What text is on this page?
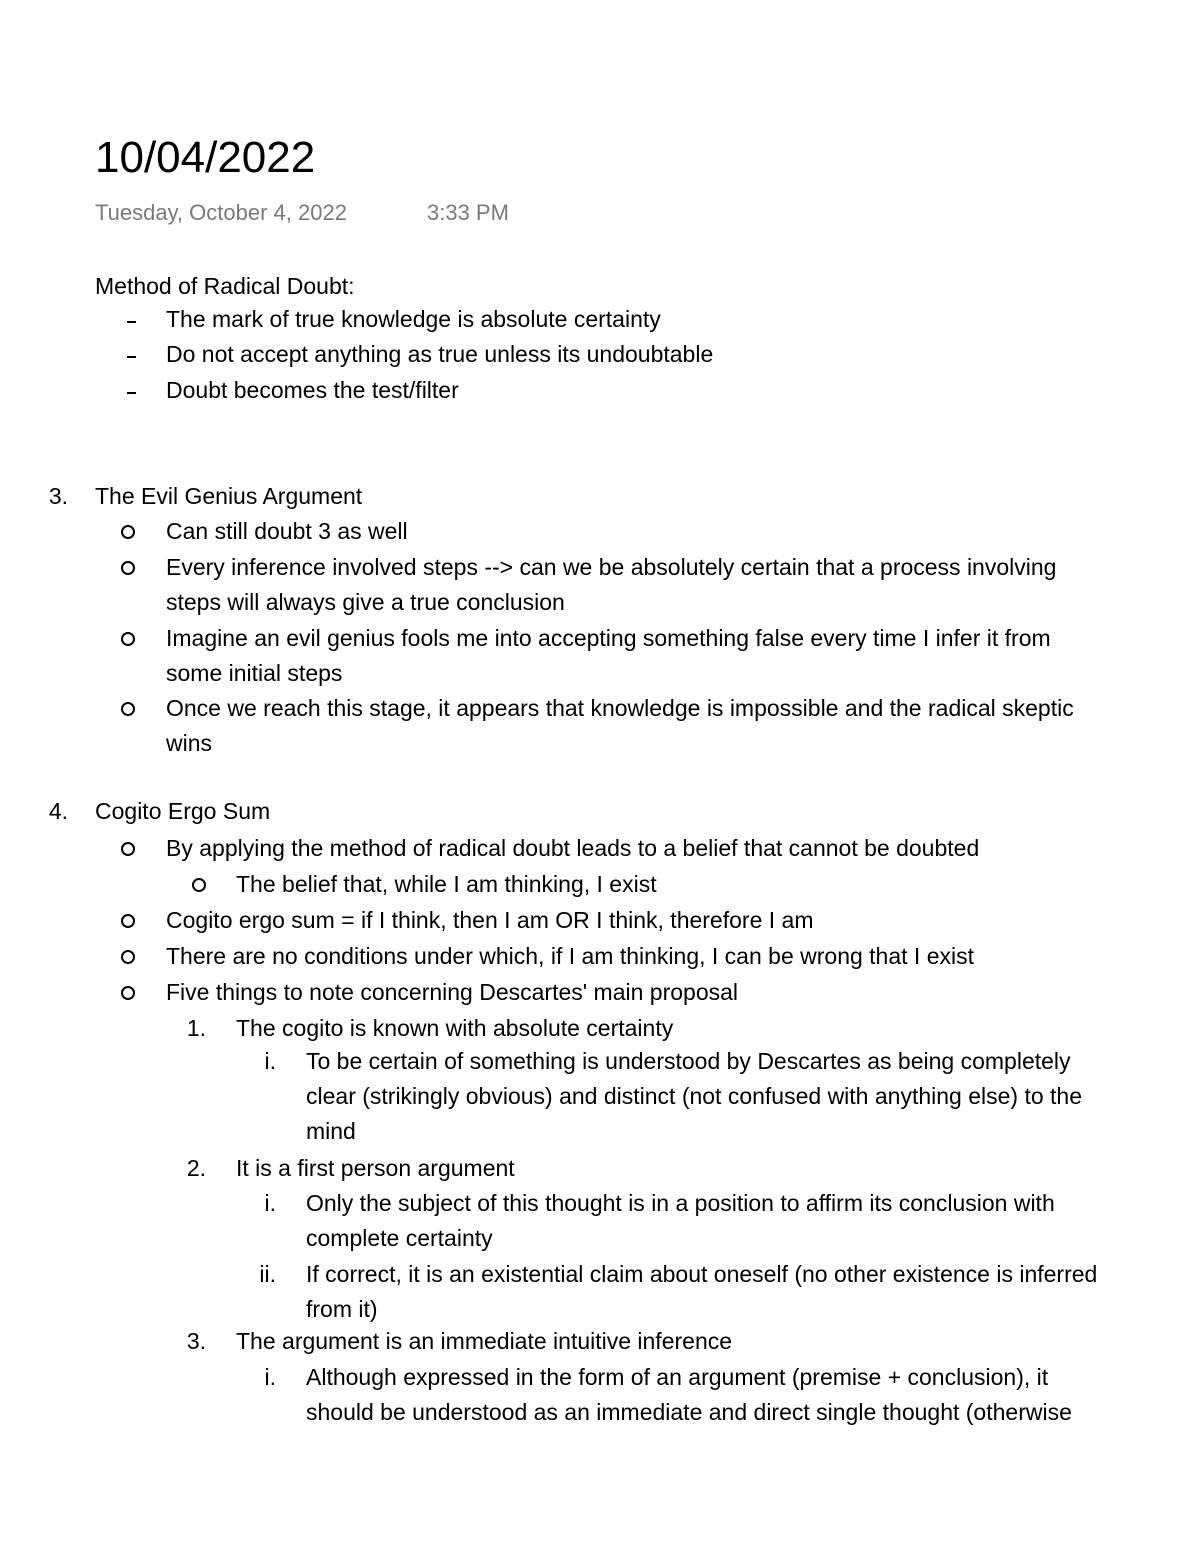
10/04/2022
Tuesday, October 4, 2022	3:33 PM
Method of Radical Doubt:
The mark of true knowledge is absolute certainty
Do not accept anything as true unless its undoubtable
Doubt becomes the test/filter
3. The Evil Genius Argument
Can still doubt 3 as well
Every inference involved steps --> can we be absolutely certain that a process involving
steps will always give a true conclusion
Imagine an evil genius fools me into accepting something false every time I infer it from
some initial steps
Once we reach this stage, it appears that knowledge is impossible and the radical skeptic
wins
4. Cogito Ergo Sum
By applying the method of radical doubt leads to a belief that cannot be doubted
The belief that, while I am thinking, I exist
Cogito ergo sum = if I think, then I am OR I think, therefore I am
There are no conditions under which, if I am thinking, I can be wrong that I exist
Five things to note concerning Descartes' main proposal
1. The cogito is known with absolute certainty
i. To be certain of something is understood by Descartes as being completely
clear (strikingly obvious) and distinct (not confused with anything else) to the
mind
2. It is a first person argument
i. Only the subject of this thought is in a position to affirm its conclusion with
complete certainty
ii. If correct, it is an existential claim about oneself (no other existence is inferred
from it)
3. The argument is an immediate intuitive inference
i. Although expressed in the form of an argument (premise + conclusion), it
should be understood as an immediate and direct single thought (otherwise
